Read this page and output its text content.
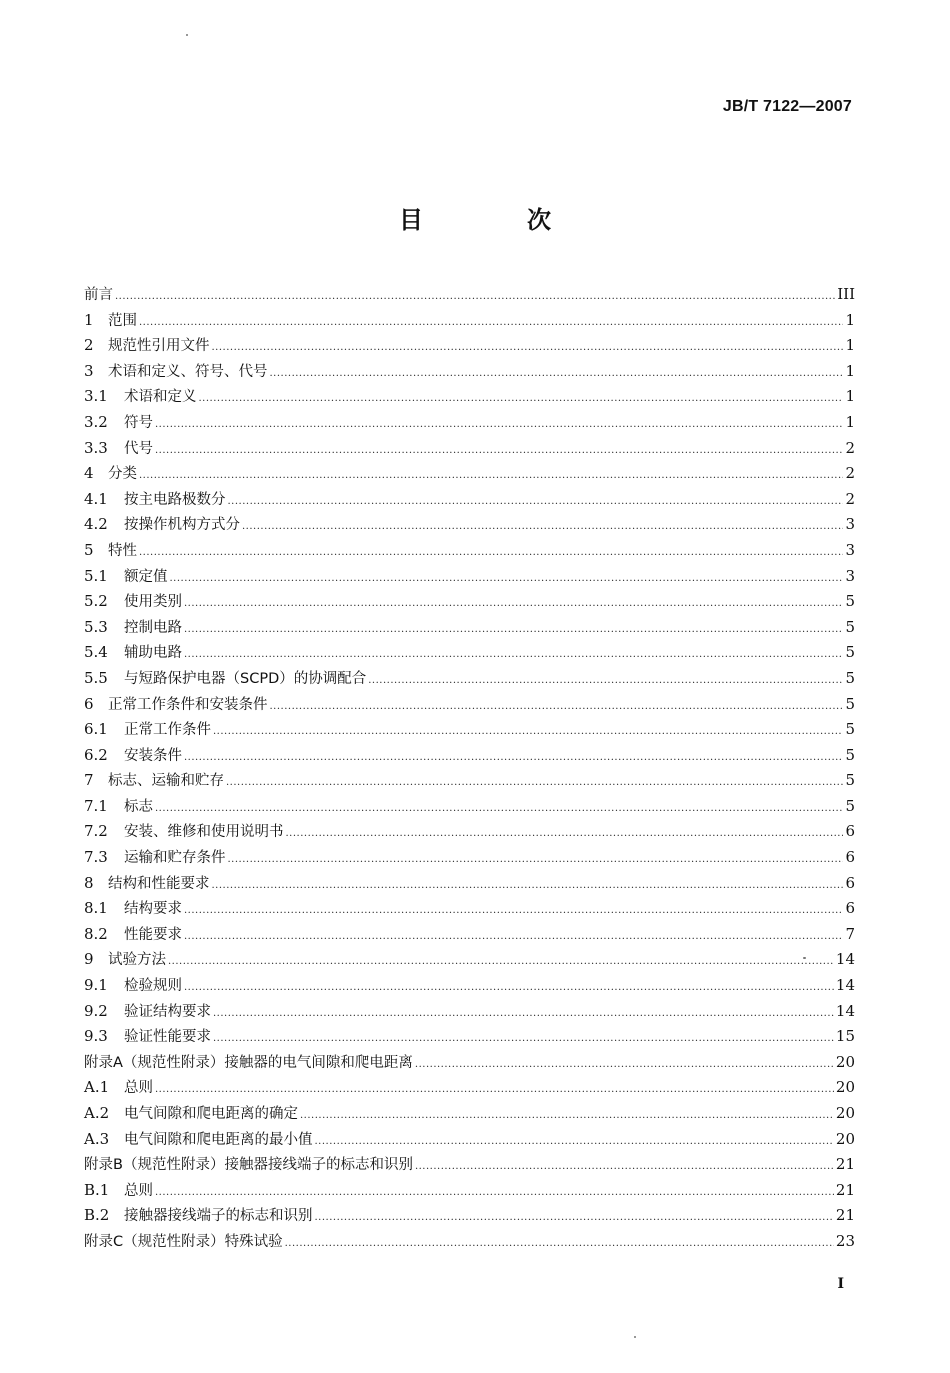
JB/T 7122—2007
目　次
前言 .....	III
1 范围 .....	1
2 规范性引用文件 .....	1
3 术语和定义、符号、代号 .....	1
3.1	术语和定义 .....	1
3.2	符号 .....	1
3.3	代号 .....	2
4 分类 .....	2
4.1	按主电路极数分 .....	2
4.2	按操作机构方式分 .....	3
5 特性 .....	3
5.1	额定值 .....	3
5.2	使用类别 .....	5
5.3	控制电路 .....	5
5.4	辅助电路 .....	5
5.5	与短路保护电器（SCPD）的协调配合 .....	5
6 正常工作条件和安装条件 .....	5
6.1	正常工作条件 .....	5
6.2	安装条件 .....	5
7 标志、运输和贮存 .....	5
7.1	标志 .....	5
7.2	安装、维修和使用说明书 .....	6
7.3	运输和贮存条件 .....	6
8 结构和性能要求 .....	6
8.1	结构要求 .....	6
8.2	性能要求 .....	7
9 试验方法 .....	14
9.1	检验规则 .....	14
9.2	验证结构要求 .....	14
9.3	验证性能要求 .....	15
附录A（规范性附录）接触器的电气间隙和爬电距离 .....	20
A.1	总则 .....	20
A.2	电气间隙和爬电距离的确定 .....	20
A.3	电气间隙和爬电距离的最小值 .....	20
附录B（规范性附录）接触器接线端子的标志和识别 .....	21
B.1	总则 .....	21
B.2	接触器接线端子的标志和识别 .....	21
附录C（规范性附录）特殊试验 .....	23
I
